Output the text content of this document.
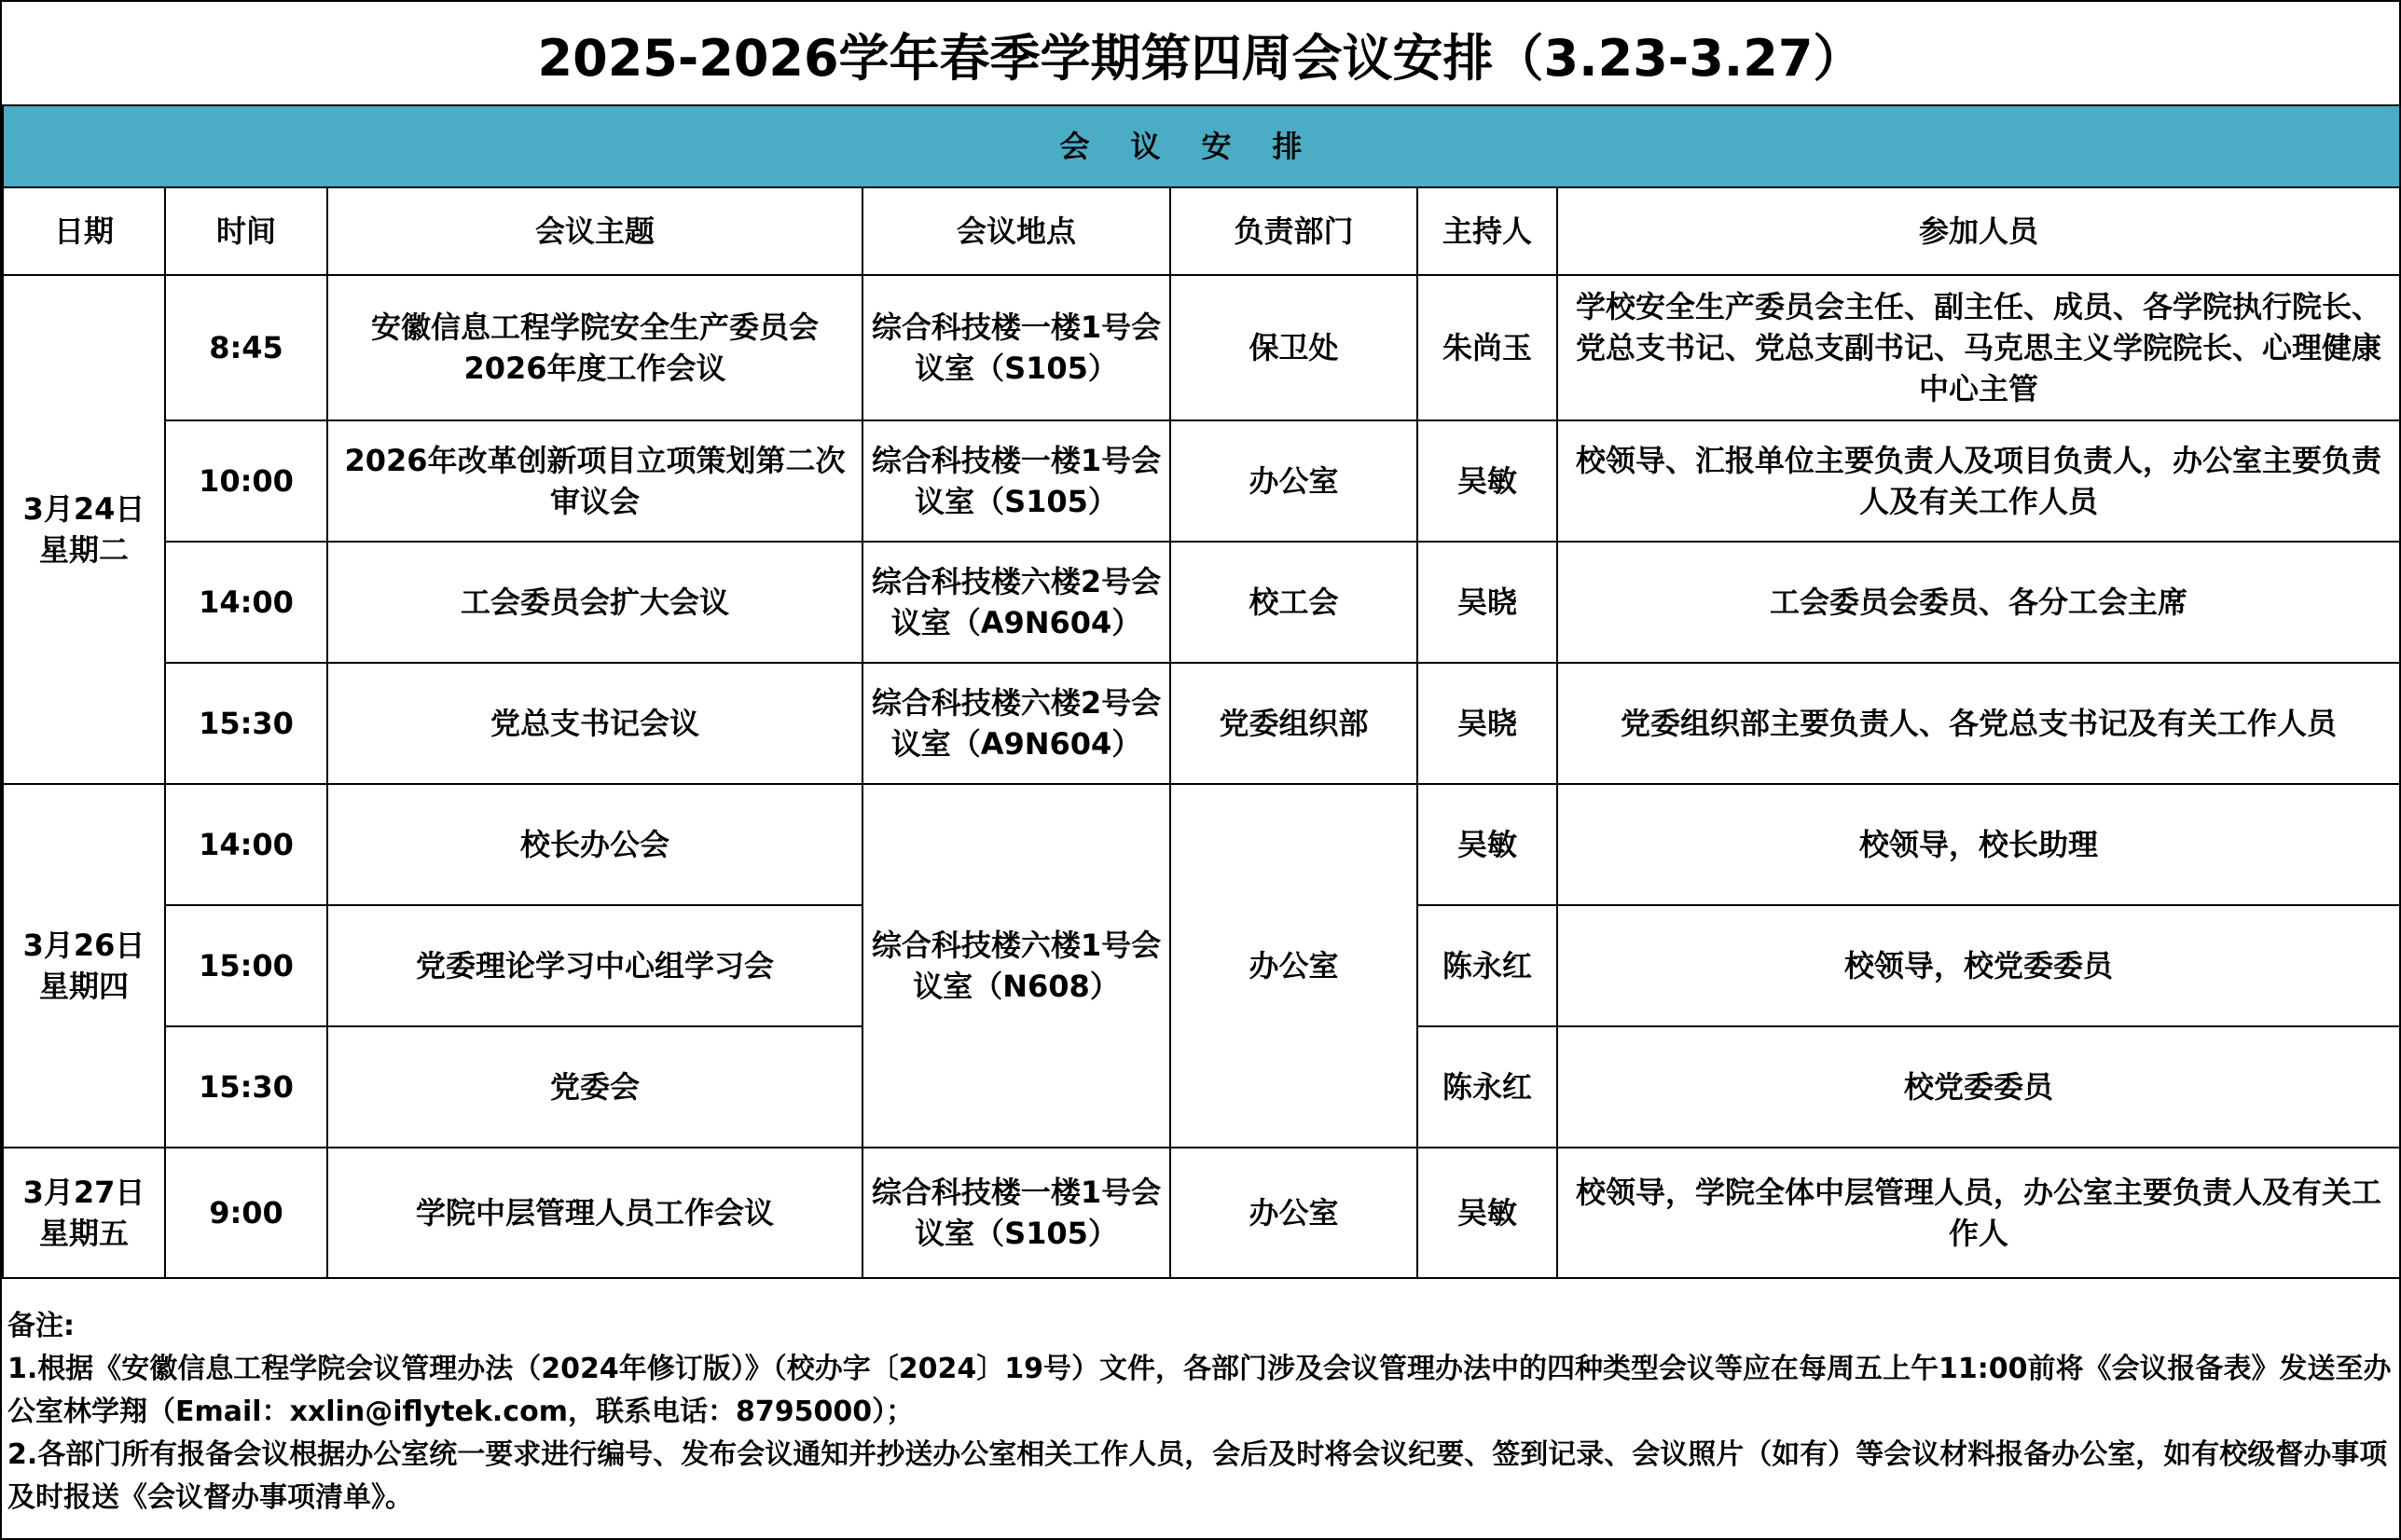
2025-2026学年春季学期第四周会议安排（3.23-3.27）
会议安排						
日期	时间	会议主题	会议地点	负责部门	主持人	参加人员

3月24日
星期二	8:45	安徽信息工程学院安全生产委员会2026年度工作会议	综合科技楼一楼1号会议室（S105）	保卫处	朱尚玉	学校安全生产委员会主任、副主任、成员、各学院执行院长、党总支书记、党总支副书记、马克思主义学院院长、心理健康中心主管
	10:00	2026年改革创新项目立项策划第二次审议会	综合科技楼一楼1号会议室（S105）	办公室	吴敏	校领导、汇报单位主要负责人及项目负责人，办公室主要负责人及有关工作人员
	14:00	工会委员会扩大会议	综合科技楼六楼2号会议室（A9N604）	校工会	吴晓	工会委员会委员、各分工会主席
	15:30	党总支书记会议	综合科技楼六楼2号会议室（A9N604）	党委组织部	吴晓	党委组织部主要负责人、各党总支书记及有关工作人员

3月26日
星期四	14:00	校长办公会	综合科技楼六楼1号会议室（N608）	办公室	吴敏	校领导，校长助理
	15:00	党委理论学习中心组学习会			陈永红	校领导，校党委委员
	15:30	党委会			陈永红	校党委委员

3月27日
星期五	9:00	学院中层管理人员工作会议	综合科技楼一楼1号会议室（S105）	办公室	吴敏	校领导，学院全体中层管理人员，办公室主要负责人及有关工作人
备注:
1.根据《安徽信息工程学院会议管理办法（2024年修订版）》（校办字〔2024〕19号）文件，各部门涉及会议管理办法中的四种类型会议等应在每周五上午11:00前将《会议报备表》发送至办公室林学翔（Email：xxlin@iflytek.com，联系电话：8795000）；
2.各部门所有报备会议根据办公室统一要求进行编号、发布会议通知并抄送办公室相关工作人员，会后及时将会议纪要、签到记录、会议照片（如有）等会议材料报备办公室，如有校级督办事项及时报送《会议督办事项清单》。
